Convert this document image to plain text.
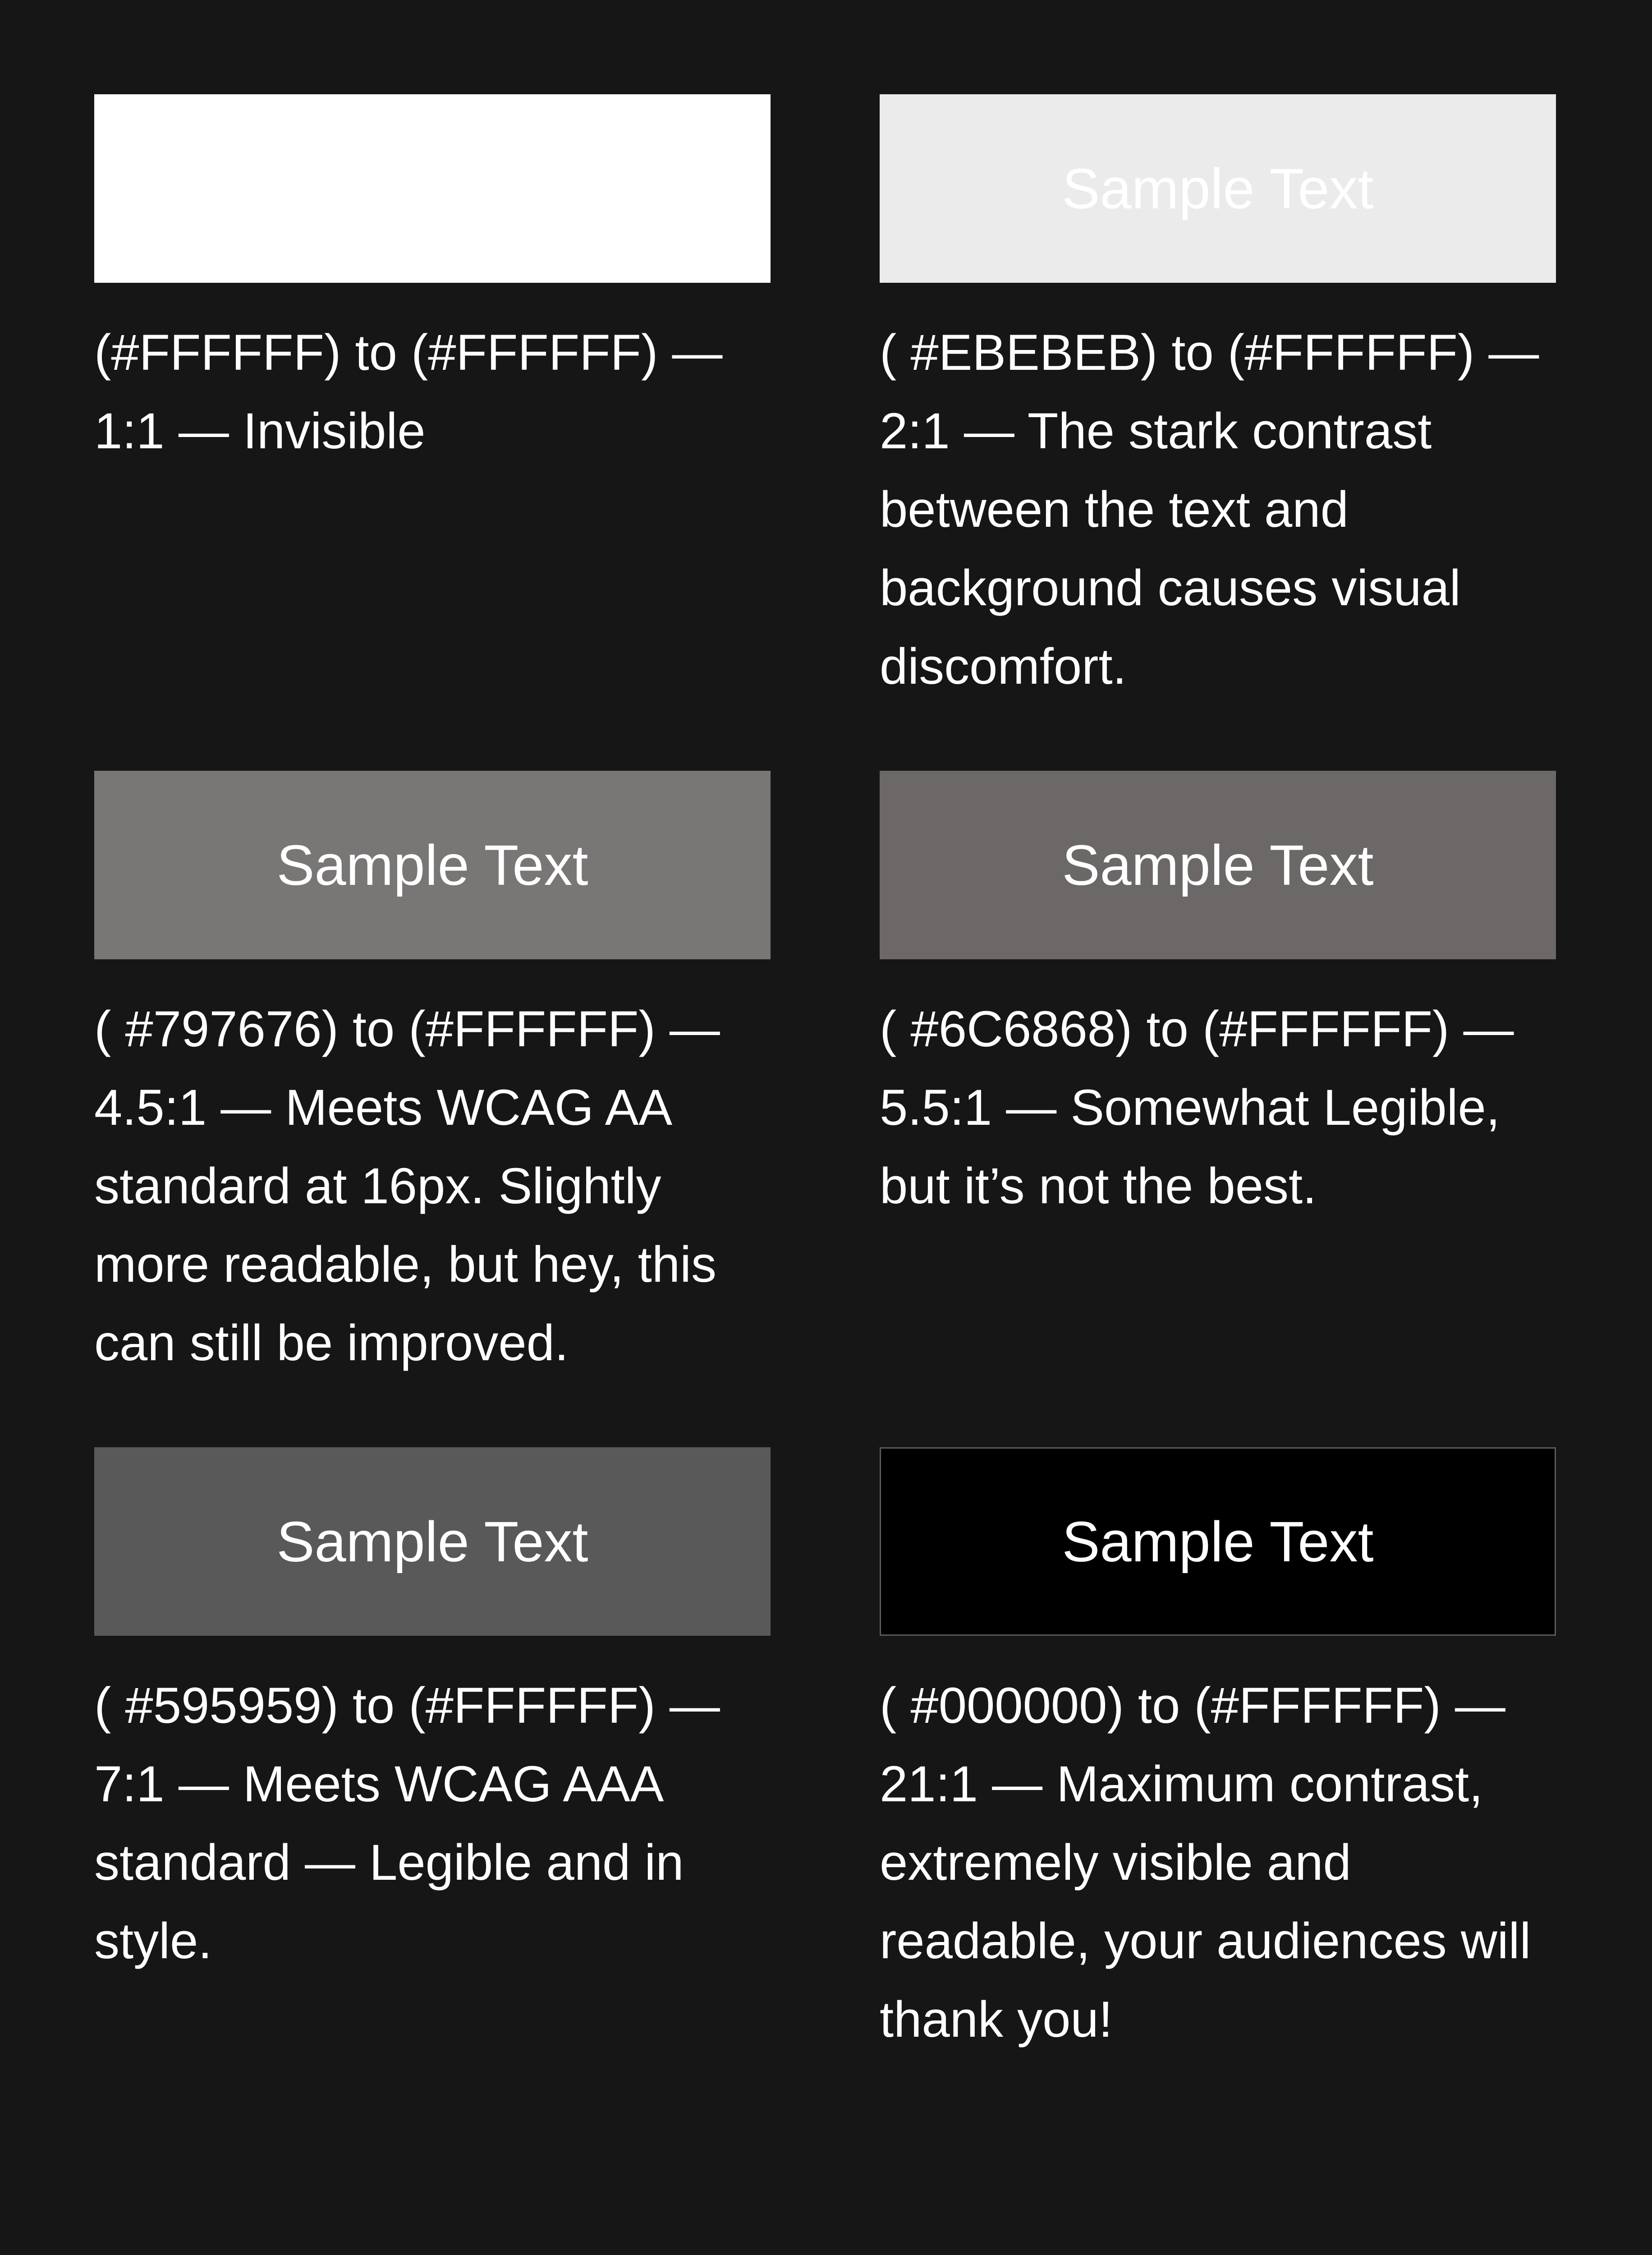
Sample Text
(#FFFFFF) to (#FFFFFF) — 1:1 — Invisible
Sample Text
( #EBEBEB) to (#FFFFFF) — 2:1 — The stark contrast between the text and background causes visual discomfort.
Sample Text
( #797676) to (#FFFFFF) — 4.5:1 — Meets WCAG AA standard at 16px. Slightly more readable, but hey, this can still be improved.
Sample Text
( #6C6868) to (#FFFFFF) — 5.5:1 — Somewhat Legible, but it’s not the best.
Sample Text
( #595959) to (#FFFFFF) — 7:1 — Meets WCAG AAA standard — Legible and in style.
Sample Text
( #000000) to (#FFFFFF) — 21:1 — Maximum contrast, extremely visible and readable, your audiences will thank you!
